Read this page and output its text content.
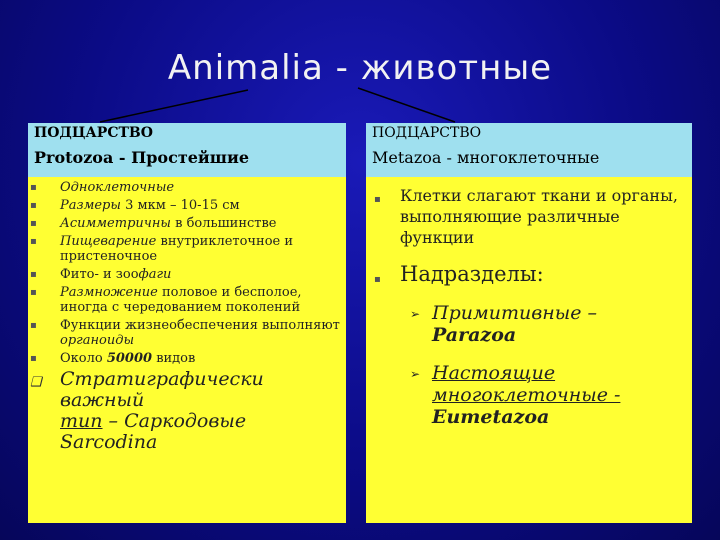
Animalia - животные
ПОДЦАРСТВО
Protozoa - Простейшие
▪ Одноклеточные
▪ Размеры 3 мкм – 10-15 см
▪ Асимметричны в большинстве
▪ Пищеварение внутриклеточное и пристеночное
▪ Фито- и зоофаги
▪ Размножение половое и бесполое, иногда с чередованием поколений
▪ Функции жизнеобеспечения выполняют органоиды
▪ Около 50000 видов
❑ Стратиграфически важный
тип – Саркодовые Sarcodina
ПОДЦАРСТВО
Metazoa - многоклеточные
▪ Клетки слагают ткани и органы, выполняющие различные функции
▪ Надразделы:
➢ Примитивные – Parazoa
➢ Настоящие многоклеточные - Eumetazoa
